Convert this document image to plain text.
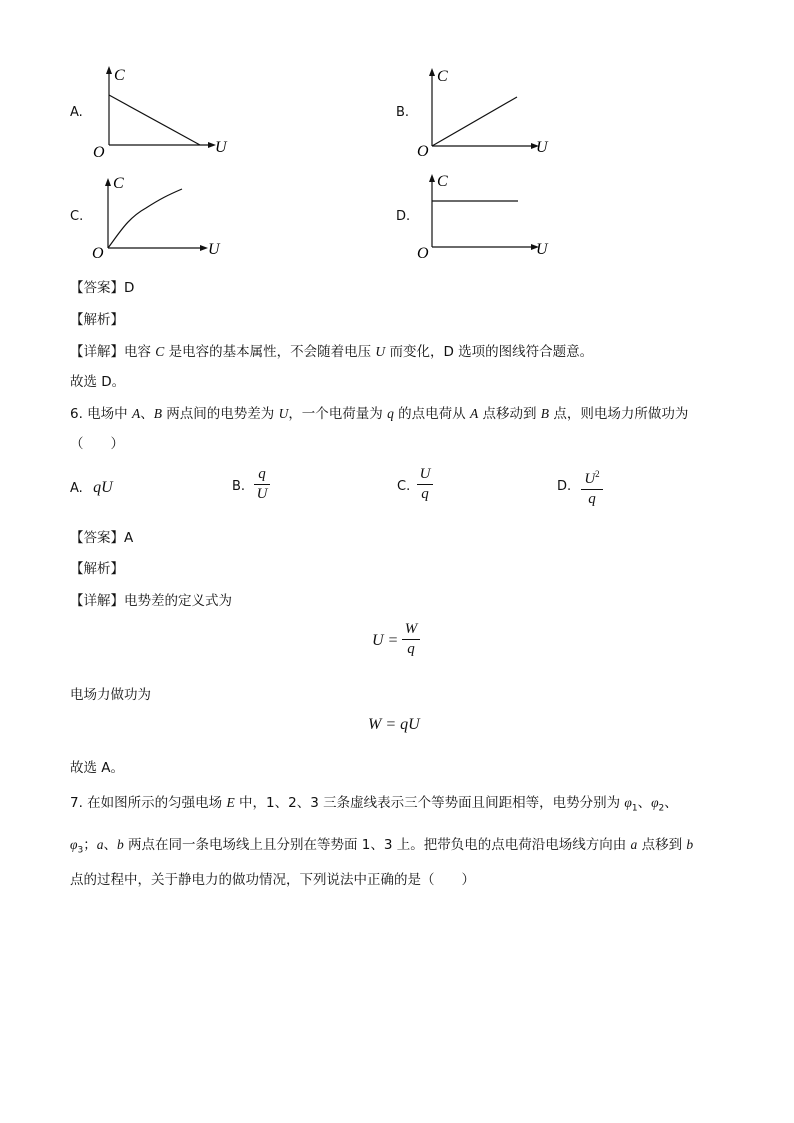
A.
C
O	U
B.
C
O	U
C.
C
O	U
D.
C
O	U
【答案】D
【解析】
【详解】电容 C 是电容的基本属性，不会随着电压 U 而变化，D 选项的图线符合题意。
故选 D。
6. 电场中 A、B 两点间的电势差为 U，一个电荷量为 q 的点电荷从 A 点移动到 B 点，则电场力所做功为
（　　）
A. qU	B.
q
U	C.
U
q	D. $U^2$
q
【答案】A
【解析】
【详解】电势差的定义式为
U =
W
q
电场力做功为
W = qU
故选 A。
7. 在如图所示的匀强电场 E 中，1、2、3 三条虚线表示三个等势面且间距相等，电势分别为 $\varphi_1$、$\varphi_2$、
$\varphi_3$；a、b 两点在同一条电场线上且分别在等势面 1、3 上。把带负电的点电荷沿电场线方向由 a 点移到 b
点的过程中，关于静电力的做功情况，下列说法中正确的是（　　）
